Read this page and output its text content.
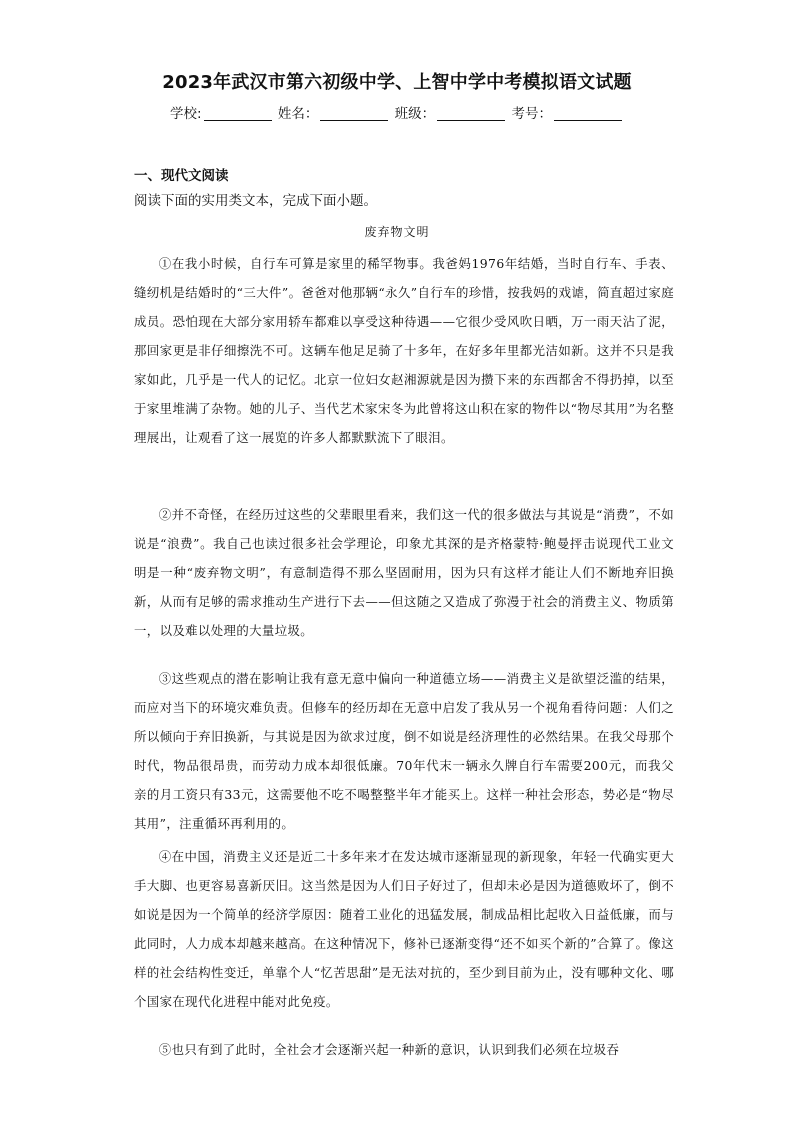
2023年武汉市第六初级中学、上智中学中考模拟语文试题
学校:	姓名：	班级：	考号：
一、现代文阅读
阅读下面的实用类文本，完成下面小题。
废弃物文明

①在我小时候，自行车可算是家里的稀罕物事。我爸妈1976年结婚，当时自行车、手表、缝纫机是结婚时的“三大件”。爸爸对他那辆“永久”自行车的珍惜，按我妈的戏谑，简直超过家庭成员。恐怕现在大部分家用轿车都难以享受这种待遇——它很少受风吹日晒，万一雨天沾了泥，那回家更是非仔细擦洗不可。这辆车他足足骑了十多年，在好多年里都光洁如新。这并不只是我家如此，几乎是一代人的记忆。北京一位妇女赵湘源就是因为攒下来的东西都舍不得扔掉，以至于家里堆满了杂物。她的儿子、当代艺术家宋冬为此曾将这山积在家的物件以“物尽其用”为名整理展出，让观看了这一展览的许多人都默默流下了眼泪。

②并不奇怪，在经历过这些的父辈眼里看来，我们这一代的很多做法与其说是“消费”，不如说是“浪费”。我自己也读过很多社会学理论，印象尤其深的是齐格蒙特·鲍曼抨击说现代工业文明是一种“废弃物文明”，有意制造得不那么坚固耐用，因为只有这样才能让人们不断地弃旧换新，从而有足够的需求推动生产进行下去——但这随之又造成了弥漫于社会的消费主义、物质第一，以及难以处理的大量垃圾。

③这些观点的潜在影响让我有意无意中偏向一种道德立场——消费主义是欲望泛滥的结果，而应对当下的环境灾难负责。但修车的经历却在无意中启发了我从另一个视角看待问题：人们之所以倾向于弃旧换新，与其说是因为欲求过度，倒不如说是经济理性的必然结果。在我父母那个时代，物品很昂贵，而劳动力成本却很低廉。70年代末一辆永久牌自行车需要200元，而我父亲的月工资只有33元，这需要他不吃不喝整整半年才能买上。这样一种社会形态，势必是“物尽其用”，注重循环再利用的。

④在中国，消费主义还是近二十多年来才在发达城市逐渐显现的新现象，年轻一代确实更大手大脚、也更容易喜新厌旧。这当然是因为人们日子好过了，但却未必是因为道德败坏了，倒不如说是因为一个简单的经济学原因：随着工业化的迅猛发展，制成品相比起收入日益低廉，而与此同时，人力成本却越来越高。在这种情况下，修补已逐渐变得“还不如买个新的”合算了。像这样的社会结构性变迁，单靠个人“忆苦思甜”是无法对抗的，至少到目前为止，没有哪种文化、哪个国家在现代化进程中能对此免疫。

⑤也只有到了此时，全社会才会逐渐兴起一种新的意识，认识到我们必须在垃圾吞
